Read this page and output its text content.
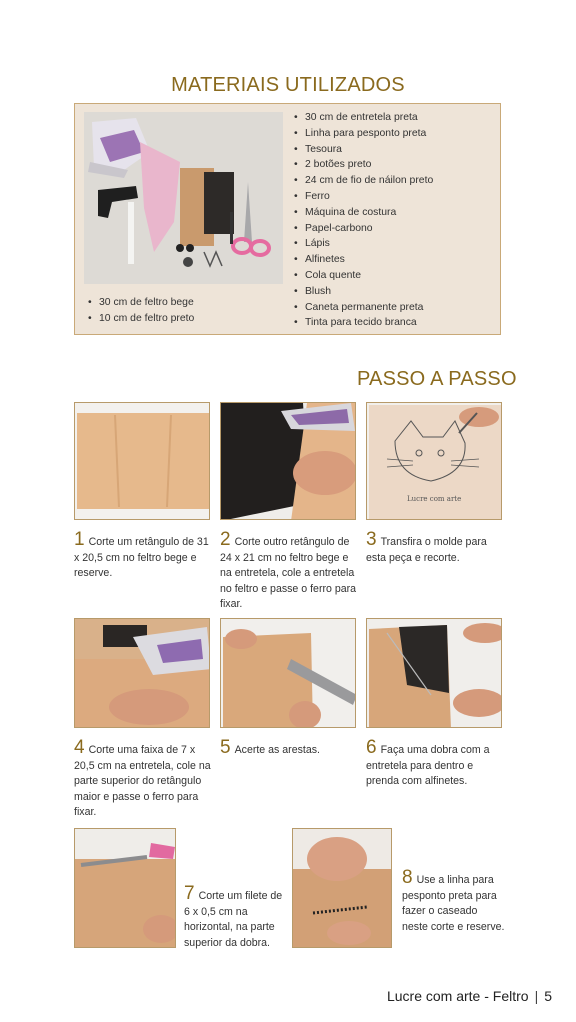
MATERIAIS UTILIZADOS
• 30 cm de feltro bege
• 10 cm de feltro preto
• 30 cm de entretela preta
• Linha para pesponto preta
• Tesoura
• 2 botões preto
• 24 cm de fio de náilon preto
• Ferro
• Máquina de costura
• Papel-carbono
• Lápis
• Alfinetes
• Cola quente
• Blush
• Caneta permanente preta
• Tinta para tecido branca
PASSO A PASSO
Lucre com arte
1 Corte um retângulo de 31 x 20,5 cm no feltro bege e reserve.
2 Corte outro retângulo de 24 x 21 cm no feltro bege e na entretela, cole a entretela no feltro e passe o ferro para fixar.
3 Transfira o molde para esta peça e recorte.
4 Corte uma faixa de 7 x 20,5 cm na entretela, cole na parte superior do retângulo maior e passe o ferro para fixar.
5 Acerte as arestas.	6 Faça uma dobra com a entretela para dentro e prenda com alfinetes.
7 Corte um filete de 6 x 0,5 cm na horizontal, na parte superior da dobra.
8 Use a linha para pesponto preta para fazer o caseado neste corte e reserve.
Lucre com arte - Feltro | 5
